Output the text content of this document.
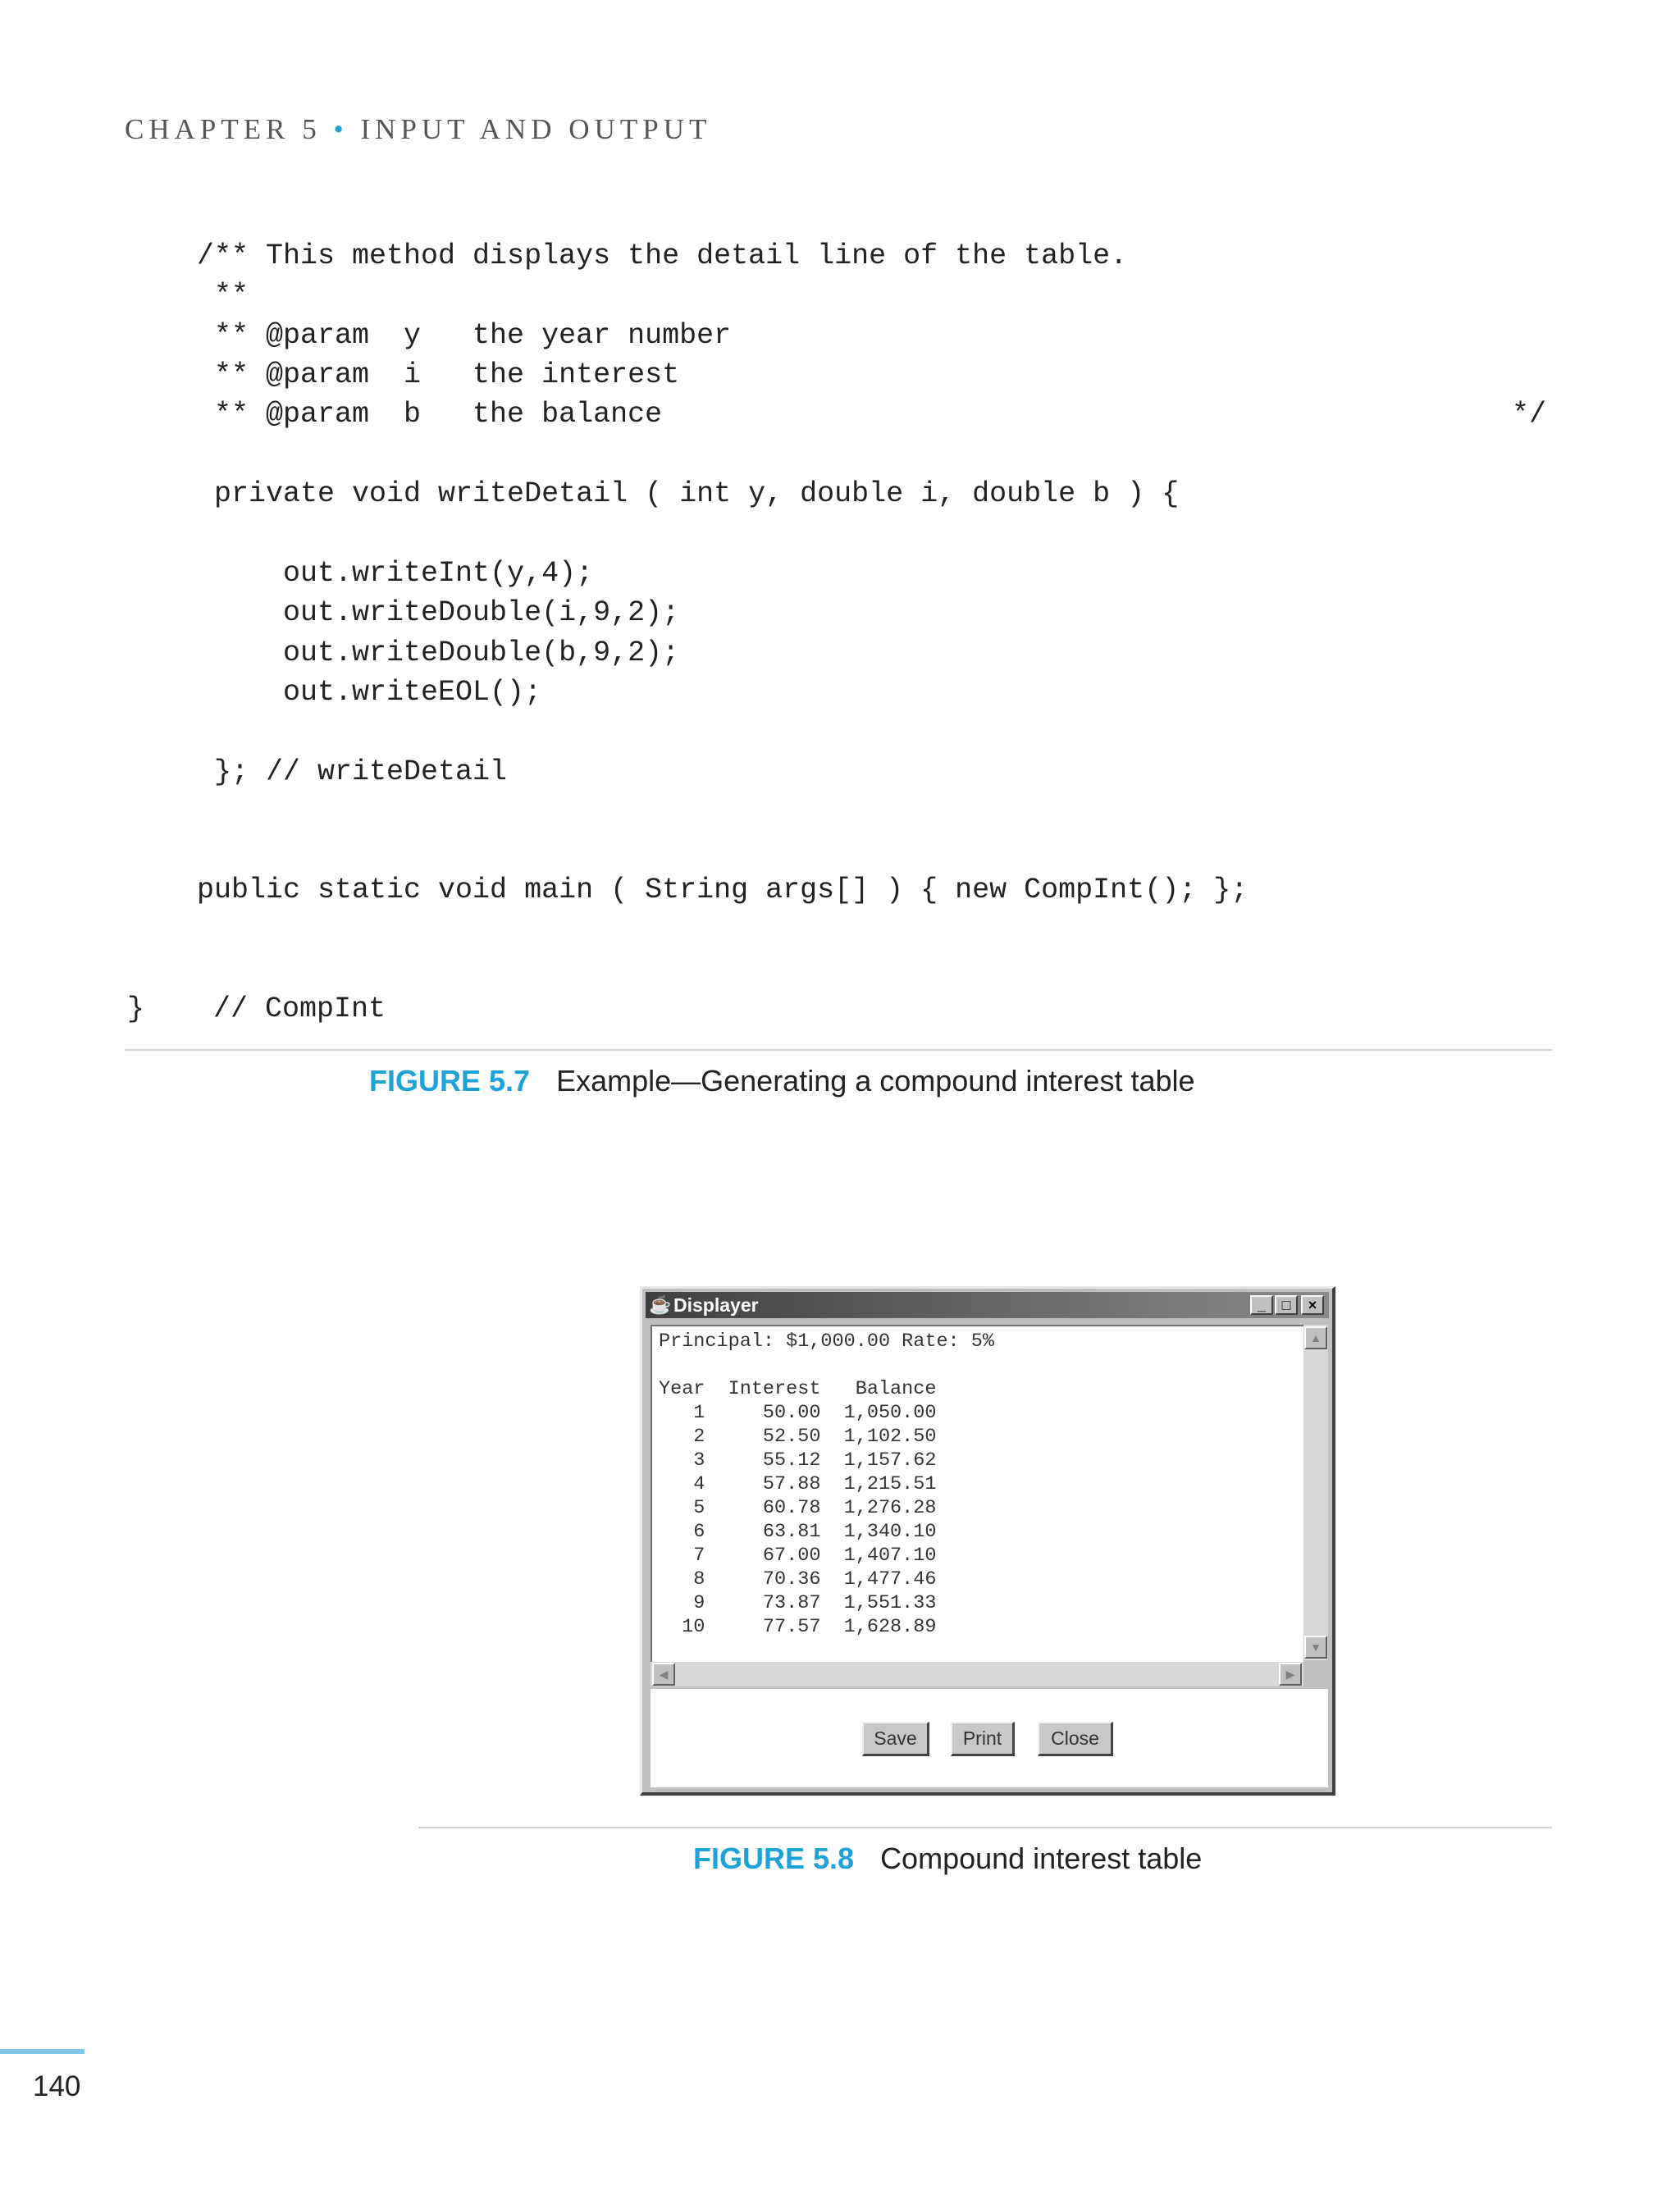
CHAPTER 5 • INPUT AND OUTPUT
/** This method displays the detail line of the table.
**
** @param  y   the year number
** @param  i   the interest
** @param  b   the balance	*/
private void writeDetail ( int y, double i, double b ) {
out.writeInt(y,4);
out.writeDouble(i,9,2);
out.writeDouble(b,9,2);
out.writeEOL();
}; // writeDetail
public static void main ( String args[] ) { new CompInt(); };
}    // CompInt
FIGURE 5.7 Example—Generating a compound interest table
☕ Displayer	_	□	×
Principal: $1,000.00 Rate: 5%
Year  Interest   Balance
1     50.00  1,050.00
2     52.50  1,102.50
3     55.12  1,157.62
4     57.88  1,215.51
5     60.78  1,276.28
6     63.81  1,340.10
7     67.00  1,407.10
8     70.36  1,477.46
9     73.87  1,551.33
10     77.57  1,628.89
▲
▼
◀	▶
Save	Print	Close
FIGURE 5.8 Compound interest table
140
